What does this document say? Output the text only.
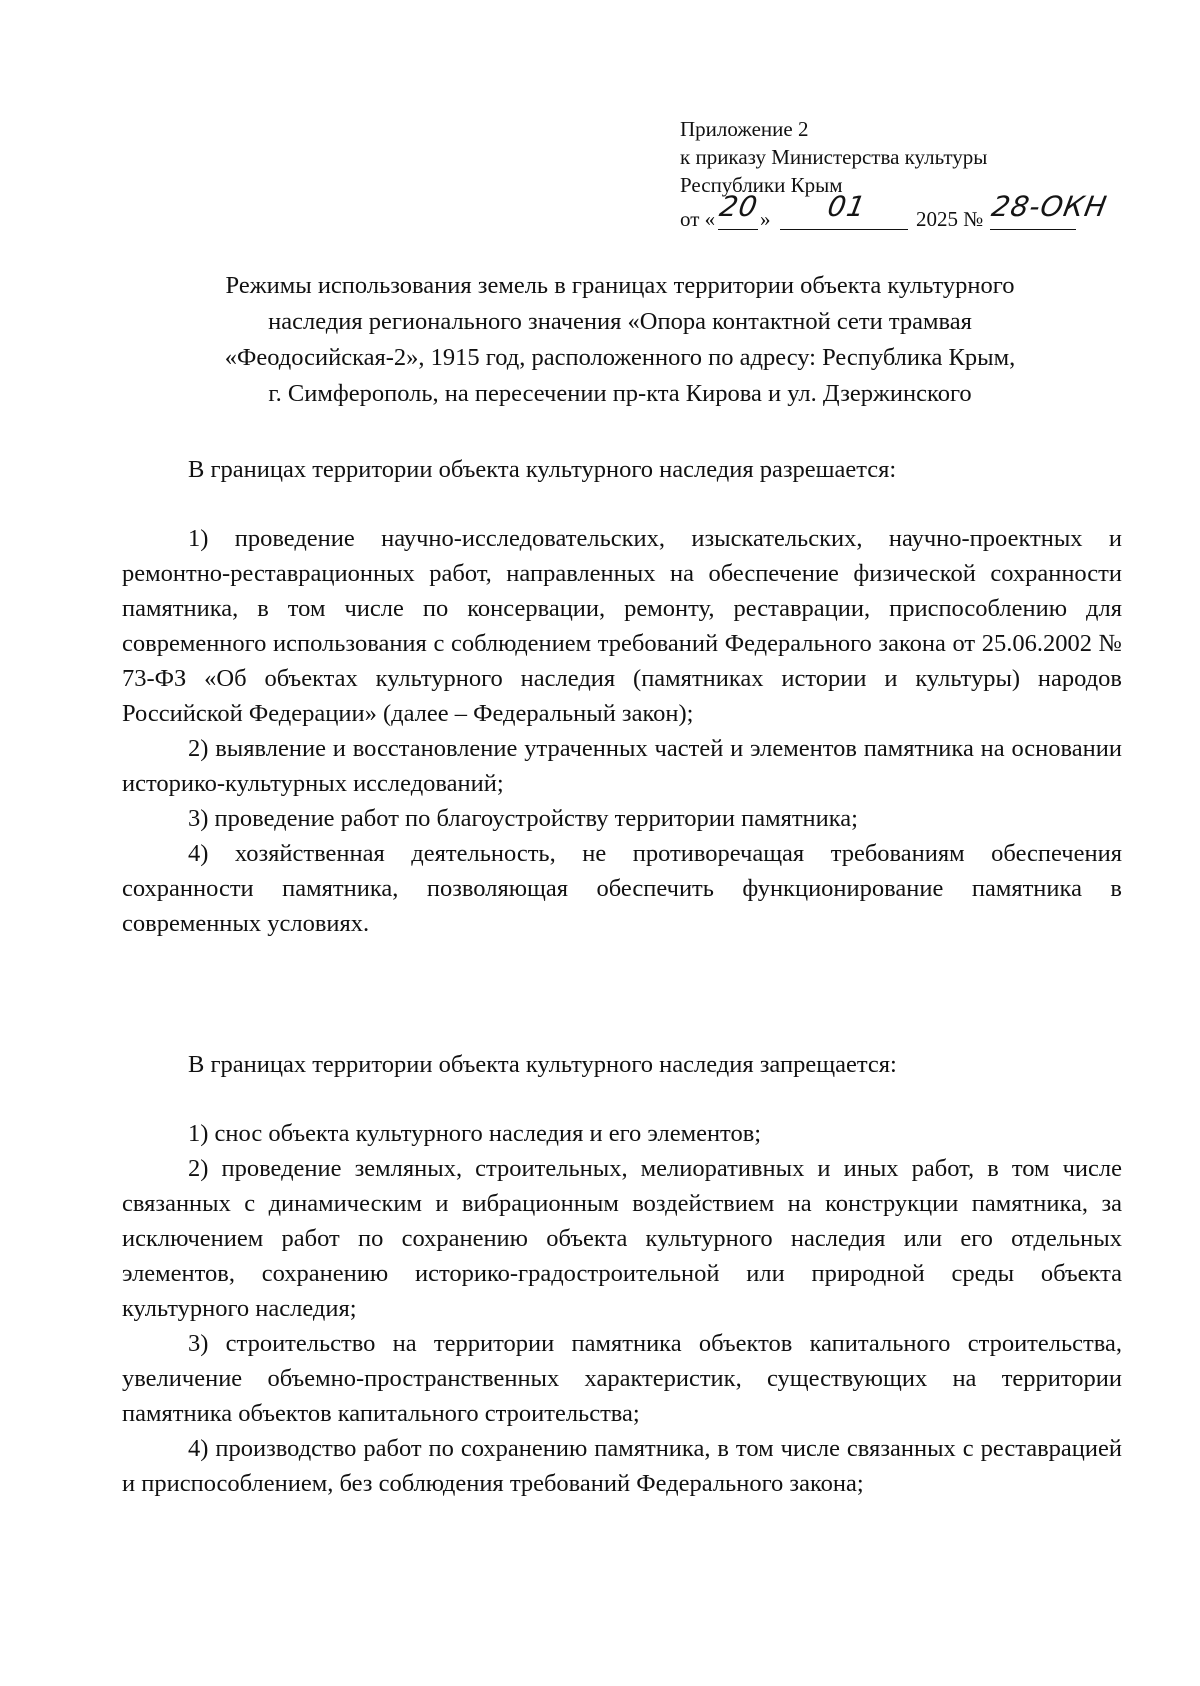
Приложение 2
к приказу Министерства культуры
Республики Крым
от « 20 » 01 2025 № 28-ОКН
Режимы использования земель в границах территории объекта культурного
наследия регионального значения «Опора контактной сети трамвая
«Феодосийская-2», 1915 год, расположенного по адресу: Республика Крым,
г. Симферополь, на пересечении пр-кта Кирова и ул. Дзержинского

В границах территории объекта культурного наследия разрешается:

1) проведение научно-исследовательских, изыскательских, научно-проектных и ремонтно-реставрационных работ, направленных на обеспечение физической сохранности памятника, в том числе по консервации, ремонту, реставрации, приспособлению для современного использования с соблюдением требований Федерального закона от 25.06.2002 № 73-ФЗ «Об объектах культурного наследия (памятниках истории и культуры) народов Российской Федерации» (далее – Федеральный закон);

2) выявление и восстановление утраченных частей и элементов памятника на основании историко-культурных исследований;

3) проведение работ по благоустройству территории памятника;

4) хозяйственная деятельность, не противоречащая требованиям обеспечения сохранности памятника, позволяющая обеспечить функционирование памятника в современных условиях.

В границах территории объекта культурного наследия запрещается:

1) снос объекта культурного наследия и его элементов;

2) проведение земляных, строительных, мелиоративных и иных работ, в том числе связанных с динамическим и вибрационным воздействием на конструкции памятника, за исключением работ по сохранению объекта культурного наследия или его отдельных элементов, сохранению историко-градостроительной или природной среды объекта культурного наследия;

3) строительство на территории памятника объектов капитального строительства, увеличение объемно-пространственных характеристик, существующих на территории памятника объектов капитального строительства;

4) производство работ по сохранению памятника, в том числе связанных с реставрацией и приспособлением, без соблюдения требований Федерального закона;
